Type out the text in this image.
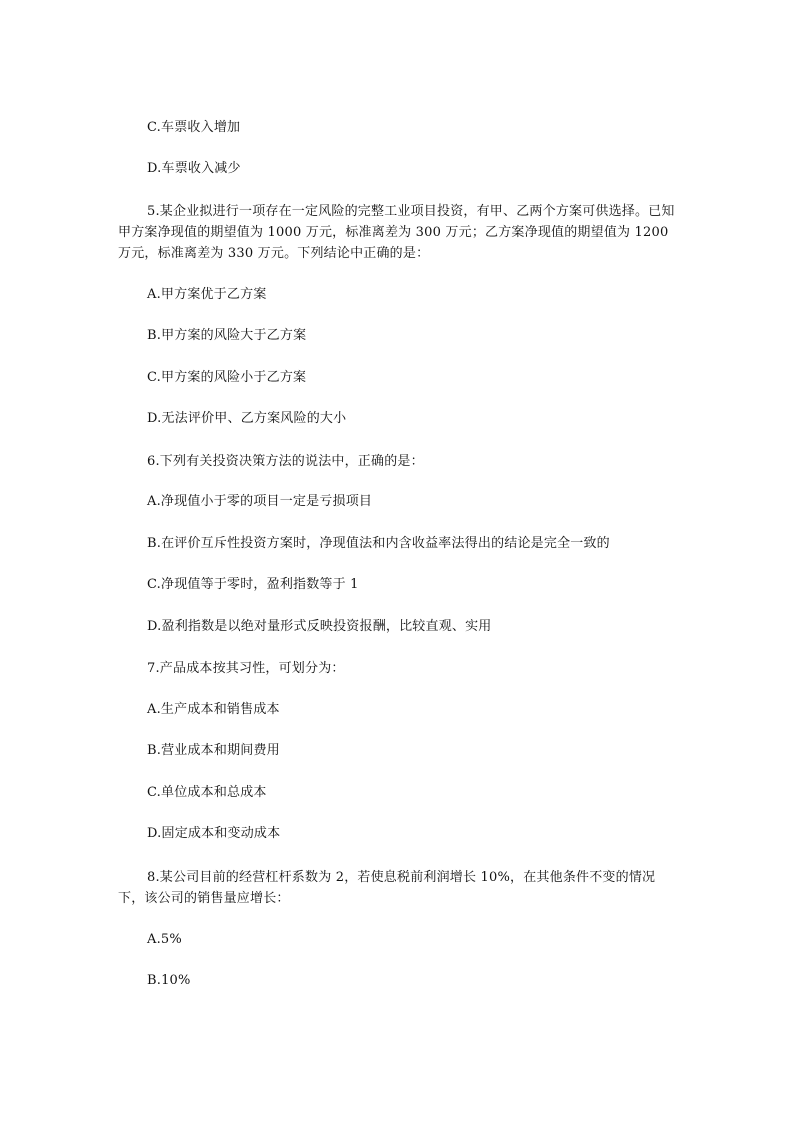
C.车票收入增加
D.车票收入减少
5.某企业拟进行一项存在一定风险的完整工业项目投资，有甲、乙两个方案可供选择。已知甲方案净现值的期望值为 1000 万元，标准离差为 300 万元；乙方案净现值的期望值为 1200 万元，标准离差为 330 万元。下列结论中正确的是：
A.甲方案优于乙方案
B.甲方案的风险大于乙方案
C.甲方案的风险小于乙方案
D.无法评价甲、乙方案风险的大小
6.下列有关投资决策方法的说法中，正确的是：
A.净现值小于零的项目一定是亏损项目
B.在评价互斥性投资方案时，净现值法和内含收益率法得出的结论是完全一致的
C.净现值等于零时，盈利指数等于 1
D.盈利指数是以绝对量形式反映投资报酬，比较直观、实用
7.产品成本按其习性，可划分为：
A.生产成本和销售成本
B.营业成本和期间费用
C.单位成本和总成本
D.固定成本和变动成本
8.某公司目前的经营杠杆系数为 2，若使息税前利润增长 10%，在其他条件不变的情况下，该公司的销售量应增长：
A.5%
B.10%
